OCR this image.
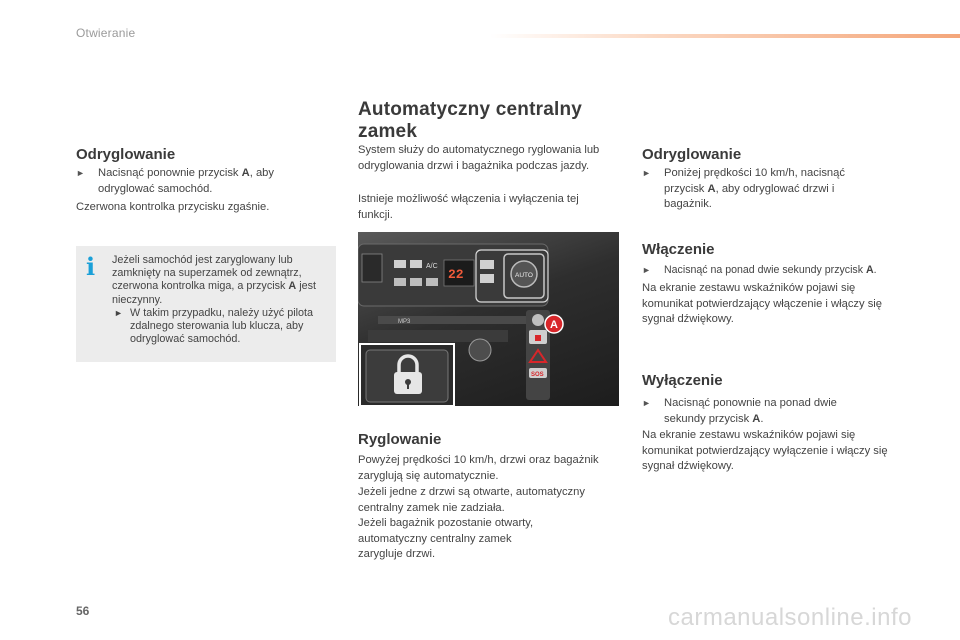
Otwieranie
Odryglowanie
► Nacisnąć ponownie przycisk A, aby odryglować samochód.

Czerwona kontrolka przycisku zgaśnie.

i Jeżeli samochód jest zaryglowany lub zamknięty na superzamek od zewnątrz, czerwona kontrolka miga, a przycisk A jest nieczynny.
► W takim przypadku, należy użyć pilota zdalnego sterowania lub klucza, aby odryglować samochód.
Automatyczny centralny zamek

System służy do automatycznego ryglowania lub odryglowania drzwi i bagażnika podczas jazdy.

Istnieje możliwość włączenia i wyłączenia tej funkcji.

A/C
22	AUTO
MP3
SOS
A
Ryglowanie

Powyżej prędkości 10 km/h, drzwi oraz bagażnik zaryglują się automatycznie.

Jeżeli jedne z drzwi są otwarte, automatyczny centralny zamek nie zadziała.

Jeżeli bagażnik pozostanie otwarty, automatyczny centralny zamek zarygluje drzwi.

Odryglowanie
► Poniżej prędkości 10 km/h, nacisnąć przycisk A, aby odryglować drzwi i bagażnik.
Włączenie
► Nacisnąć na ponad dwie sekundy przycisk A.

Na ekranie zestawu wskaźników pojawi się komunikat potwierdzający włączenie i włączy się sygnał dźwiękowy.

Wyłączenie
► Nacisnąć ponownie na ponad dwie sekundy przycisk A.

Na ekranie zestawu wskaźników pojawi się komunikat potwierdzający wyłączenie i włączy się sygnał dźwiękowy.

56	carmanualsonline.info
